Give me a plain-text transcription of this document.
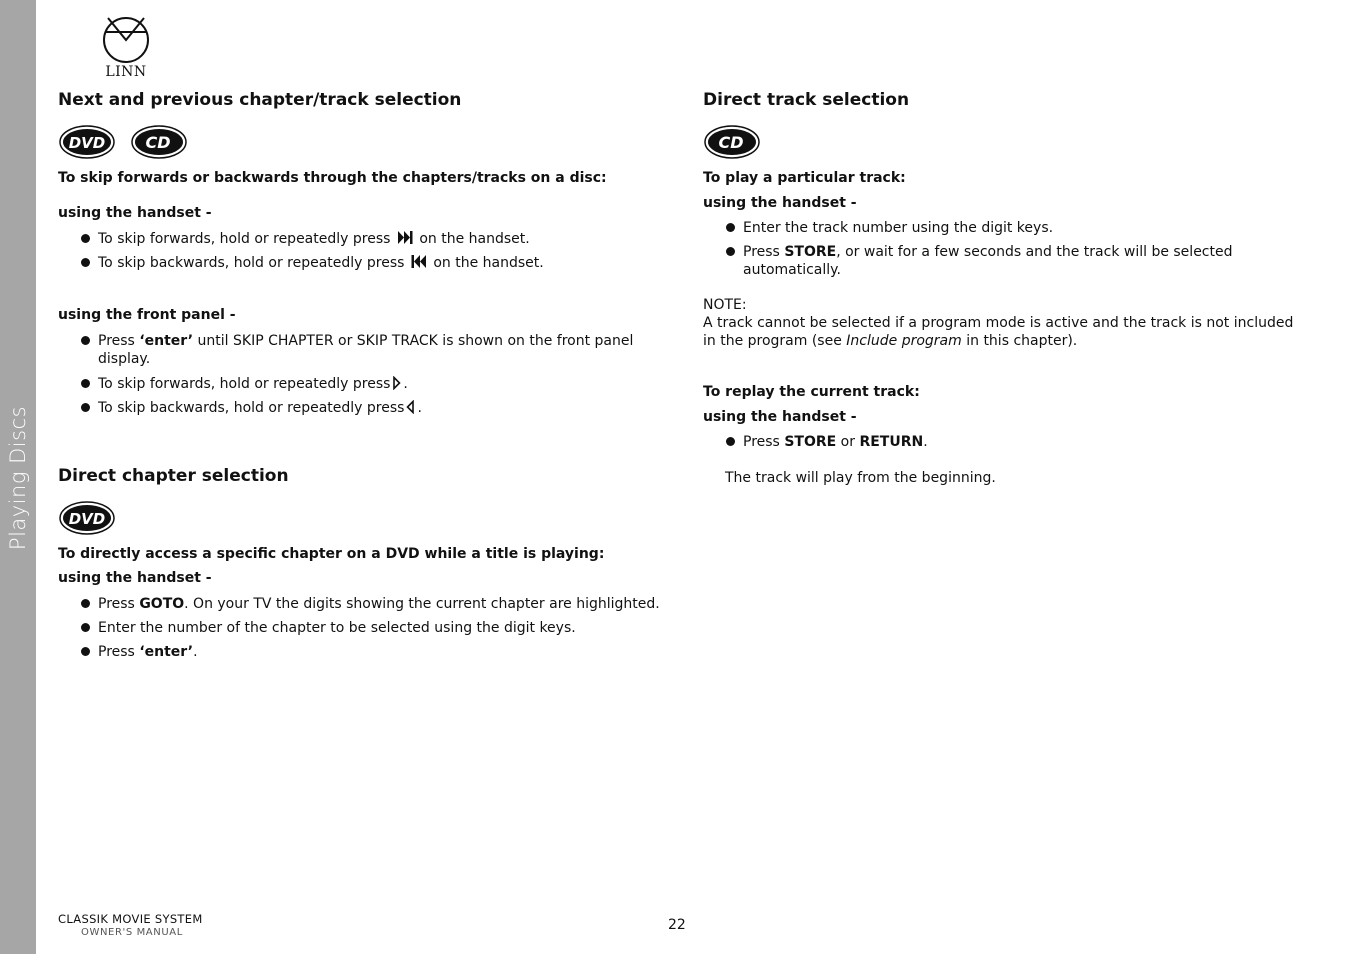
Playing Discs
LINN
Next and previous chapter/track selection
DVD
	CD

To skip forwards or backwards through the chapters/tracks on a disc:

using the handset -

To skip forwards, hold or repeatedly press on the handset.
To skip backwards, hold or repeatedly press on the handset.

using the front panel -

Press ‘enter’ until SKIP CHAPTER or SKIP TRACK is shown on the front panel display.
To skip forwards, hold or repeatedly press .
To skip backwards, hold or repeatedly press .
Direct chapter selection
DVD

To directly access a specific chapter on a DVD while a title is playing:

using the handset -

Press GOTO. On your TV the digits showing the current chapter are highlighted.
Enter the number of the chapter to be selected using the digit keys.
Press ‘enter’.
Direct track selection
CD

To play a particular track:

using the handset -

Enter the track number using the digit keys.
Press STORE, or wait for a few seconds and the track will be selected automatically.

NOTE:

A track cannot be selected if a program mode is active and the track is not included in the program (see Include program in this chapter).

To replay the current track:

using the handset -

Press STORE or RETURN.

The track will play from the beginning.

CLASSIK MOVIE SYSTEM
OWNER'S MANUAL	22
